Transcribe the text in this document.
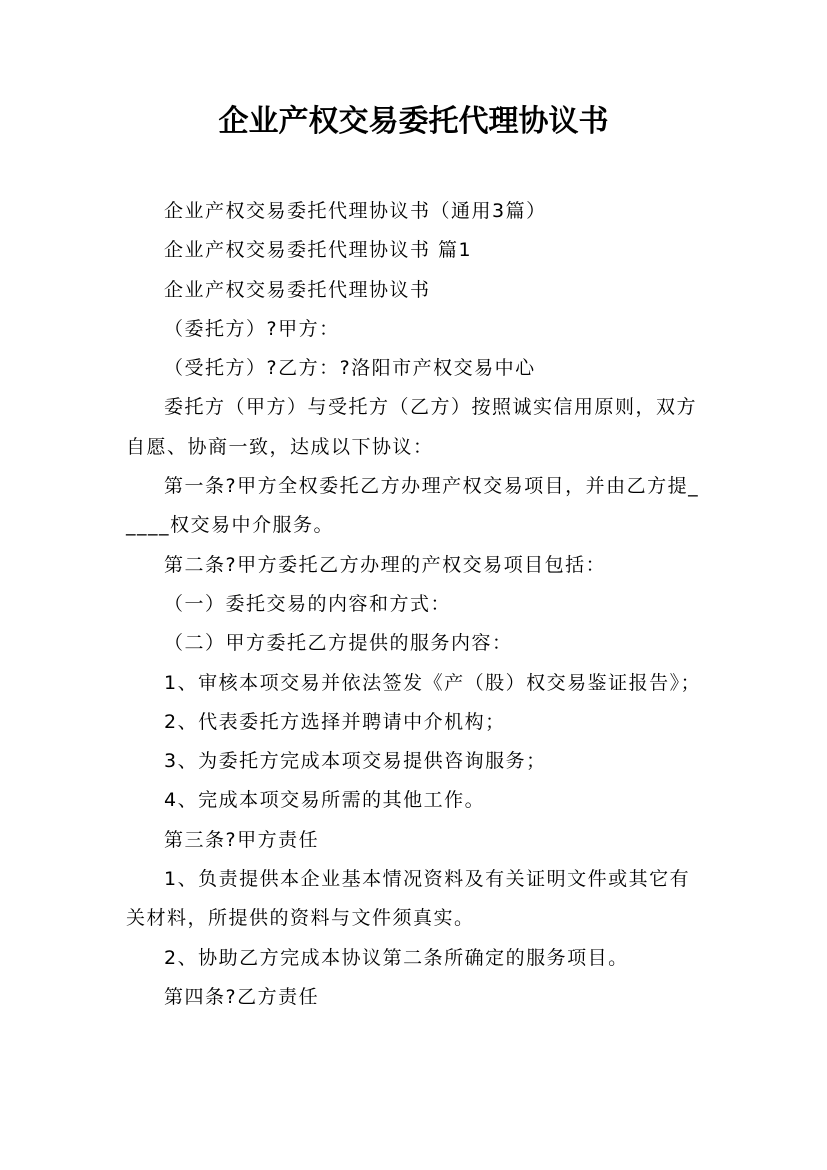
企业产权交易委托代理协议书

企业产权交易委托代理协议书（通用3篇）

企业产权交易委托代理协议书 篇1

企业产权交易委托代理协议书

（委托方）?甲方：

（受托方）?乙方：?洛阳市产权交易中心

委托方（甲方）与受托方（乙方）按照诚实信用原则，双方自愿、协商一致，达成以下协议：

第一条?甲方全权委托乙方办理产权交易项目，并由乙方提_____权交易中介服务。

第二条?甲方委托乙方办理的产权交易项目包括：

（一）委托交易的内容和方式：

（二）甲方委托乙方提供的服务内容：

1、审核本项交易并依法签发《产（股）权交易鉴证报告》；

2、代表委托方选择并聘请中介机构；

3、为委托方完成本项交易提供咨询服务；

4、完成本项交易所需的其他工作。

第三条?甲方责任

1、负责提供本企业基本情况资料及有关证明文件或其它有关材料，所提供的资料与文件须真实。

2、协助乙方完成本协议第二条所确定的服务项目。

第四条?乙方责任
